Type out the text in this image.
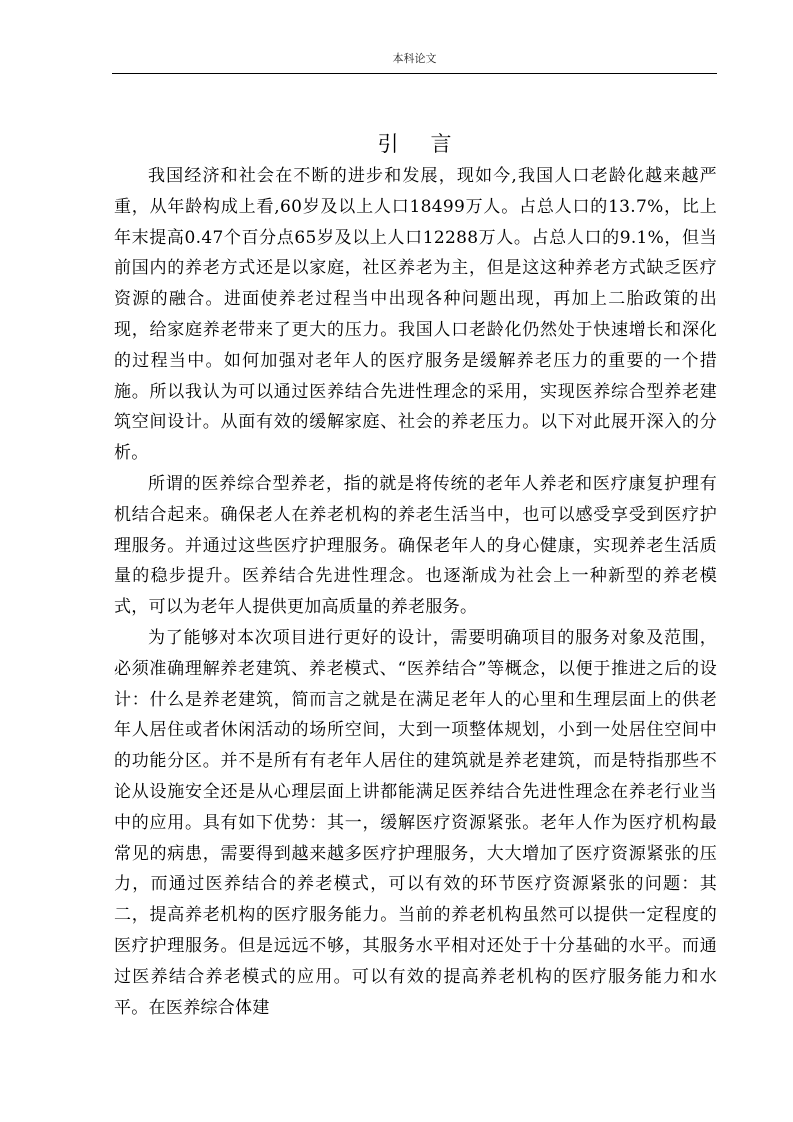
本科论文
引言

我国经济和社会在不断的进步和发展，现如今,我国人口老龄化越来越严重，从年龄构成上看,60岁及以上人口18499万人。占总人口的13.7%，比上年末提高0.47个百分点65岁及以上人口12288万人。占总人口的9.1%，但当前国内的养老方式还是以家庭，社区养老为主，但是这这种养老方式缺乏医疗资源的融合。进面使养老过程当中出现各种问题出现，再加上二胎政策的出现，给家庭养老带来了更大的压力。我国人口老龄化仍然处于快速增长和深化的过程当中。如何加强对老年人的医疗服务是缓解养老压力的重要的一个措施。所以我认为可以通过医养结合先进性理念的采用，实现医养综合型养老建筑空间设计。从面有效的缓解家庭、社会的养老压力。以下对此展开深入的分析。

所谓的医养综合型养老，指的就是将传统的老年人养老和医疗康复护理有机结合起来。确保老人在养老机构的养老生活当中，也可以感受享受到医疗护理服务。并通过这些医疗护理服务。确保老年人的身心健康，实现养老生活质量的稳步提升。医养结合先进性理念。也逐渐成为社会上一种新型的养老模式，可以为老年人提供更加高质量的养老服务。

为了能够对本次项目进行更好的设计，需要明确项目的服务对象及范围，必须准确理解养老建筑、养老模式、“医养结合”等概念，以便于推进之后的设计：什么是养老建筑，简而言之就是在满足老年人的心里和生理层面上的供老年人居住或者休闲活动的场所空间，大到一项整体规划，小到一处居住空间中的功能分区。并不是所有有老年人居住的建筑就是养老建筑，而是特指那些不论从设施安全还是从心理层面上讲都能满足医养结合先进性理念在养老行业当中的应用。具有如下优势：其一，缓解医疗资源紧张。老年人作为医疗机构最常见的病患，需要得到越来越多医疗护理服务，大大增加了医疗资源紧张的压力，而通过医养结合的养老模式，可以有效的环节医疗资源紧张的问题：其二，提高养老机构的医疗服务能力。当前的养老机构虽然可以提供一定程度的医疗护理服务。但是远远不够，其服务水平相对还处于十分基础的水平。而通过医养结合养老模式的应用。可以有效的提高养老机构的医疗服务能力和水平。在医养综合体建
